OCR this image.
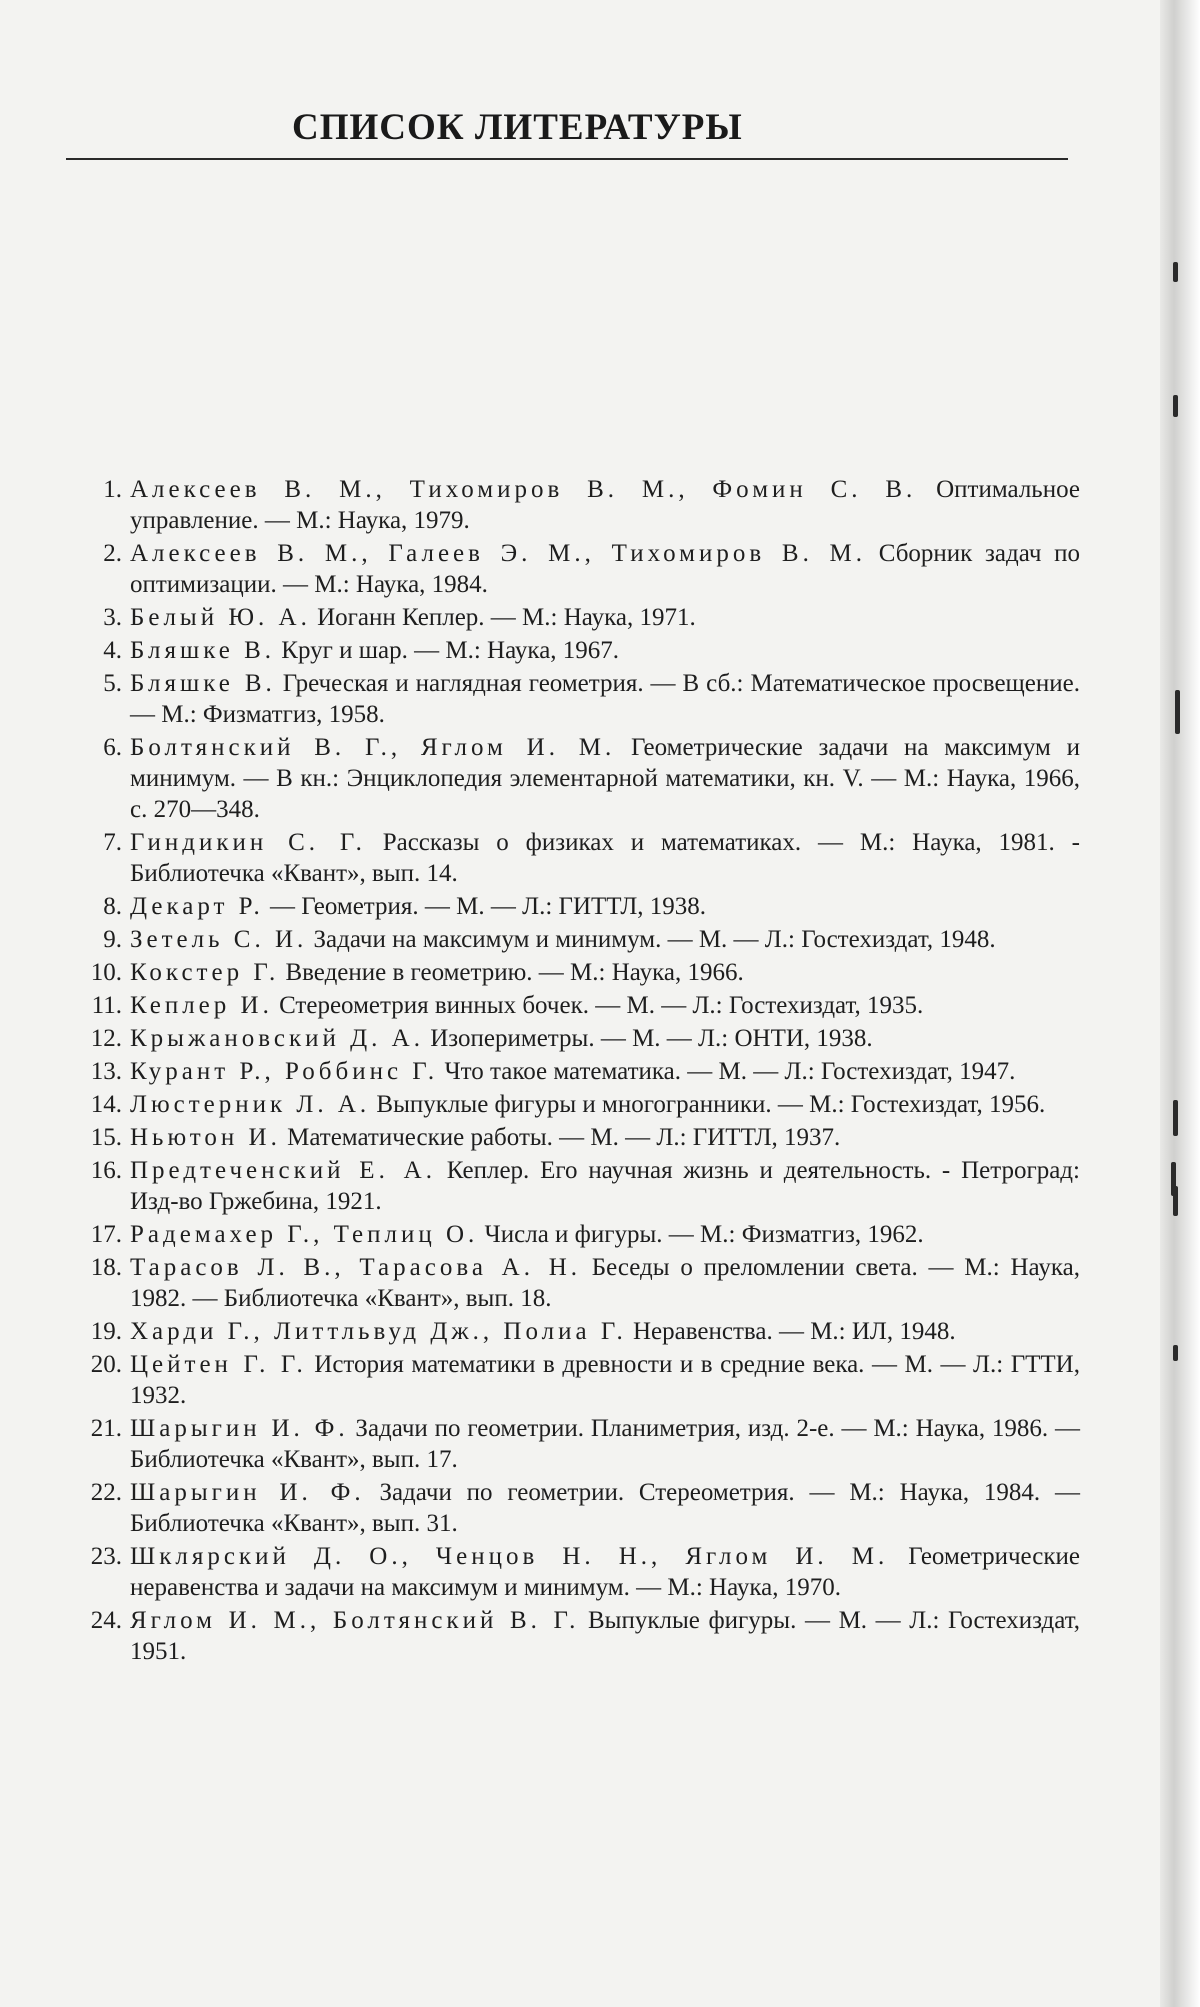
СПИСОК ЛИТЕРАТУРЫ
1. Алексеев В. М., Тихомиров В. М., Фомин С. В. Оптимальное управление. — М.: Наука, 1979.
2. Алексеев В. М., Галеев Э. М., Тихомиров В. М. Сборник задач по оптимизации. — М.: Наука, 1984.
3. Белый Ю. А. Иоганн Кеплер. — М.: Наука, 1971.
4. Бляшке В. Круг и шар. — М.: Наука, 1967.
5. Бляшке В. Греческая и наглядная геометрия. — В сб.: Математическое просвещение. — М.: Физматгиз, 1958.
6. Болтянский В. Г., Яглом И. М. Геометрические задачи на максимум и минимум. — В кн.: Энциклопедия элементарной математики, кн. V. — М.: Наука, 1966, с. 270—348.
7. Гиндикин С. Г. Рассказы о физиках и математиках. — М.: Наука, 1981. - Библиотечка «Квант», вып. 14.
8. Декарт Р. — Геометрия. — М. — Л.: ГИТТЛ, 1938.
9. Зетель С. И. Задачи на максимум и минимум. — М. — Л.: Гостехиздат, 1948.
10. Кокстер Г. Введение в геометрию. — М.: Наука, 1966.
11. Кеплер И. Стереометрия винных бочек. — М. — Л.: Гостехиздат, 1935.
12. Крыжановский Д. А. Изопериметры. — М. — Л.: ОНТИ, 1938.
13. Курант Р., Роббинс Г. Что такое математика. — М. — Л.: Гостехиздат, 1947.
14. Люстерник Л. А. Выпуклые фигуры и многогранники. — М.: Гостехиздат, 1956.
15. Ньютон И. Математические работы. — М. — Л.: ГИТТЛ, 1937.
16. Предтеченский Е. А. Кеплер. Его научная жизнь и деятельность. - Петроград: Изд-во Гржебина, 1921.
17. Радемахер Г., Теплиц О. Числа и фигуры. — М.: Физматгиз, 1962.
18. Тарасов Л. В., Тарасова А. Н. Беседы о преломлении света. — М.: Наука, 1982. — Библиотечка «Квант», вып. 18.
19. Харди Г., Литтльвуд Дж., Полиа Г. Неравенства. — М.: ИЛ, 1948.
20. Цейтен Г. Г. История математики в древности и в средние века. — М. — Л.: ГТТИ, 1932.
21. Шарыгин И. Ф. Задачи по геометрии. Планиметрия, изд. 2-е. — М.: Наука, 1986. — Библиотечка «Квант», вып. 17.
22. Шарыгин И. Ф. Задачи по геометрии. Стереометрия. — М.: Наука, 1984. — Библиотечка «Квант», вып. 31.
23. Шклярский Д. О., Ченцов Н. Н., Яглом И. М. Геометрические неравенства и задачи на максимум и минимум. — М.: Наука, 1970.
24. Яглом И. М., Болтянский В. Г. Выпуклые фигуры. — М. — Л.: Гостехиздат, 1951.
